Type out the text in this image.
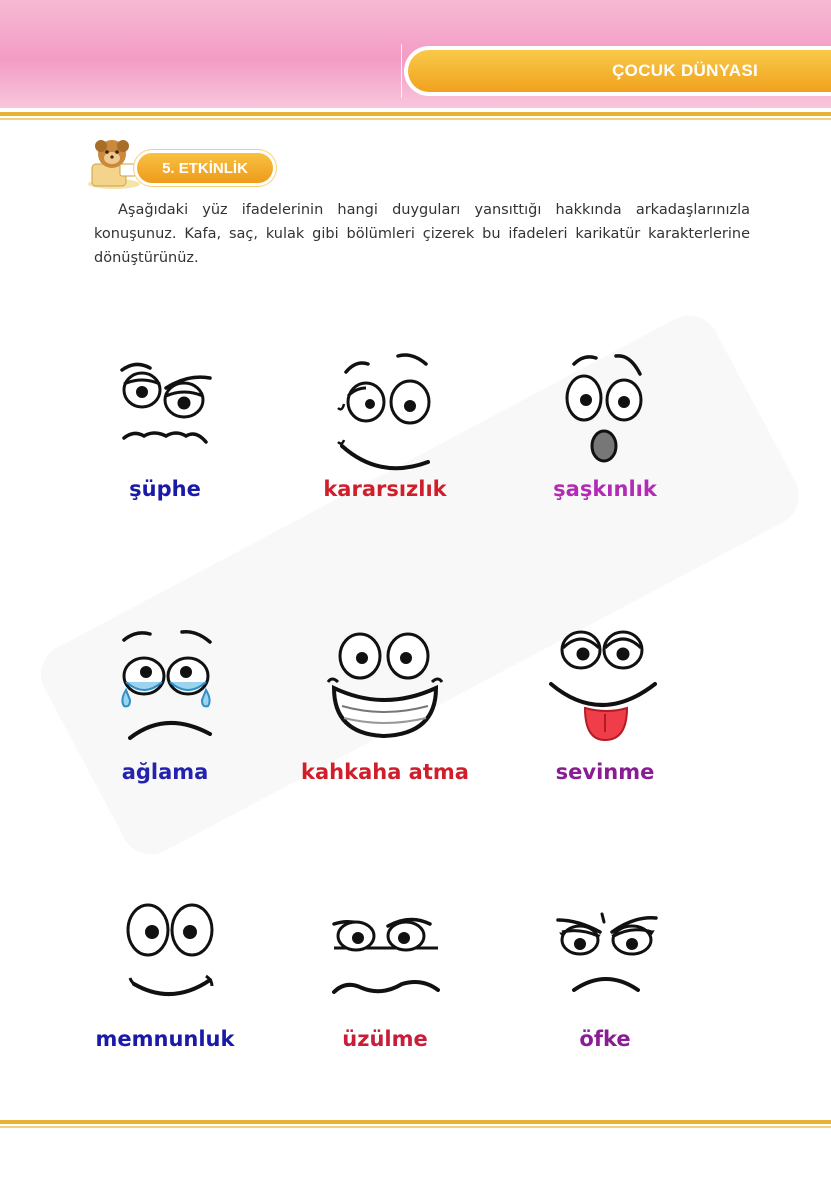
ÇOCUK DÜNYASI
5. ETKİNLİK

Aşağıdaki yüz ifadelerinin hangi duyguları yansıttığı hakkında arkadaşlarınızla konuşunuz. Kafa, saç, kulak gibi bölümleri çizerek bu ifadeleri karikatür karakterlerine dönüştürünüz.

şüphe	kararsızlık	şaşkınlık
ağlama	kahkaha atma	sevinme
memnunluk	üzülme	öfke
